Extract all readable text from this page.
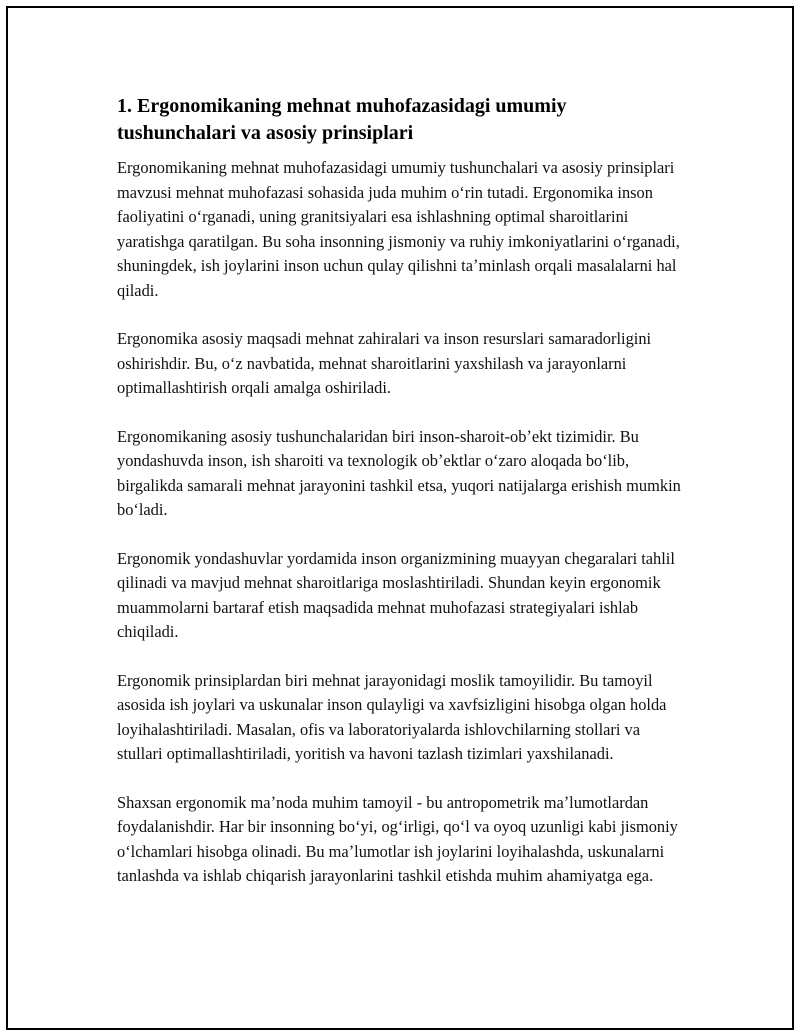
1. Ergonomikaning mehnat muhofazasidagi umumiy tushunchalari va asosiy prinsiplari

Ergonomikaning mehnat muhofazasidagi umumiy tushunchalari va asosiy prinsiplari mavzusi mehnat muhofazasi sohasida juda muhim oʻrin tutadi. Ergonomika inson faoliyatini oʻrganadi, uning granitsiyalari esa ishlashning optimal sharoitlarini yaratishga qaratilgan. Bu soha insonning jismoniy va ruhiy imkoniyatlarini oʻrganadi, shuningdek, ish joylarini inson uchun qulay qilishni taʼminlash orqali masalalarni hal qiladi.

Ergonomika asosiy maqsadi mehnat zahiralari va inson resurslari samaradorligini oshirishdir. Bu, oʻz navbatida, mehnat sharoitlarini yaxshilash va jarayonlarni optimallashtirish orqali amalga oshiriladi.

Ergonomikaning asosiy tushunchalaridan biri inson-sharoit-obʼekt tizimidir. Bu yondashuvda inson, ish sharoiti va texnologik obʼektlar oʻzaro aloqada boʻlib, birgalikda samarali mehnat jarayonini tashkil etsa, yuqori natijalarga erishish mumkin boʻladi.

Ergonomik yondashuvlar yordamida inson organizmining muayyan chegaralari tahlil qilinadi va mavjud mehnat sharoitlariga moslashtiriladi. Shundan keyin ergonomik muammolarni bartaraf etish maqsadida mehnat muhofazasi strategiyalari ishlab chiqiladi.

Ergonomik prinsiplardan biri mehnat jarayonidagi moslik tamoyilidir. Bu tamoyil asosida ish joylari va uskunalar inson qulayligi va xavfsizligini hisobga olgan holda loyihalashtiriladi. Masalan, ofis va laboratoriyalarda ishlovchilarning stollari va stullari optimallashtiriladi, yoritish va havoni tazlash tizimlari yaxshilanadi.

Shaxsan ergonomik maʼnoda muhim tamoyil - bu antropometrik maʼlumotlardan foydalanishdir. Har bir insonning boʻyi, ogʻirligi, qoʻl va oyoq uzunligi kabi jismoniy oʻlchamlari hisobga olinadi. Bu maʼlumotlar ish joylarini loyihalashda, uskunalarni tanlashda va ishlab chiqarish jarayonlarini tashkil etishda muhim ahamiyatga ega.
